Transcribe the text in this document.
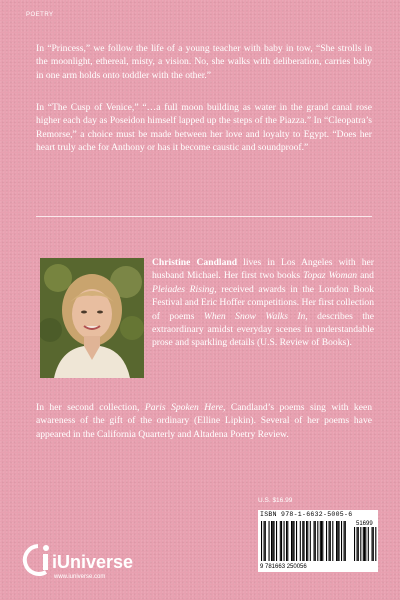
POETRY

In “Princess,” we follow the life of a young teacher with baby in tow, “She strolls in the moonlight, ethereal, misty, a vision. No, she walks with deliberation, carries baby in one arm holds onto toddler with the other.”

In “The Cusp of Venice,” “…a full moon building as water in the grand canal rose higher each day as Poseidon himself lapped up the steps of the Piazza.” In “Cleopatra’s Remorse,” a choice must be made between her love and loyalty to Egypt. “Does her heart truly ache for Anthony or has it become caustic and soundproof.”

Christine Candland lives in Los Angeles with her husband Michael. Her first two books Topaz Woman and Pleiades Rising, received awards in the London Book Festival and Eric Hoffer competitions. Her first collection of poems When Snow Walks In, describes the extraordinary amidst everyday scenes in understandable prose and sparkling details (U.S. Review of Books).

In her second collection, Paris Spoken Here, Candland’s poems sing with keen awareness of the gift of the ordinary (Elline Lipkin). Several of her poems have appeared in the California Quarterly and Altadena Poetry Review.

iUniverse
www.iuniverse.com
U.S. $16.99
ISBN 978-1-6632-5005-6
51699
9 781663 250056
